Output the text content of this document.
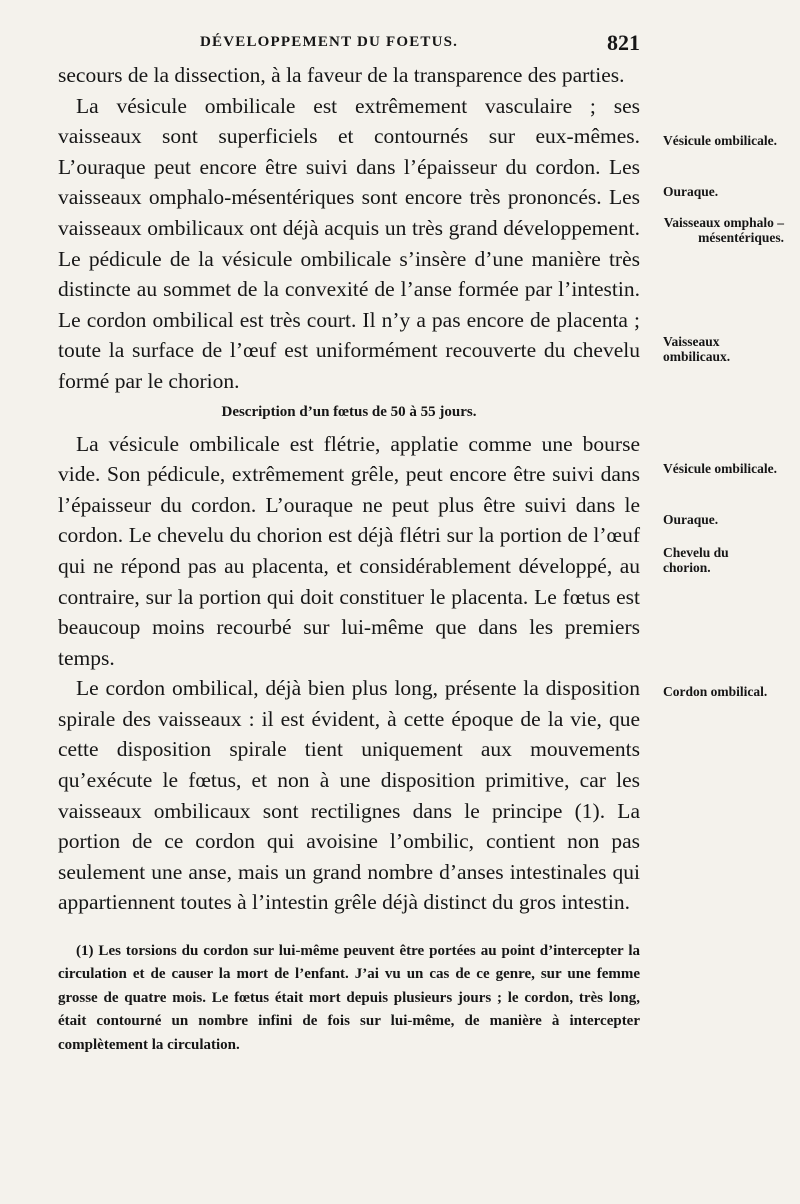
DÉVELOPPEMENT DU FOETUS.	821

secours de la dissection, à la faveur de la transparence des parties.

La vésicule ombilicale est extrêmement vasculaire ; ses vaisseaux sont superficiels et contournés sur eux-mêmes. L’ouraque peut encore être suivi dans l’épaisseur du cordon. Les vaisseaux omphalo-mésentériques sont encore très prononcés. Les vaisseaux ombilicaux ont déjà acquis un très grand développement. Le pédicule de la vésicule ombilicale s’insère d’une manière très distincte au sommet de la convexité de l’anse formée par l’intestin. Le cordon ombilical est très court. Il n’y a pas encore de placenta ; toute la surface de l’œuf est uniformément recouverte du chevelu formé par le chorion.

Description d’un fœtus de 50 à 55 jours.

La vésicule ombilicale est flétrie, applatie comme une bourse vide. Son pédicule, extrêmement grêle, peut encore être suivi dans l’épaisseur du cordon. L’ouraque ne peut plus être suivi dans le cordon. Le chevelu du chorion est déjà flétri sur la portion de l’œuf qui ne répond pas au placenta, et considérablement développé, au contraire, sur la portion qui doit constituer le placenta. Le fœtus est beaucoup moins recourbé sur lui-même que dans les premiers temps.

Le cordon ombilical, déjà bien plus long, présente la disposition spirale des vaisseaux : il est évident, à cette époque de la vie, que cette disposition spirale tient uniquement aux mouvements qu’exécute le fœtus, et non à une disposition primitive, car les vaisseaux ombilicaux sont rectilignes dans le principe (1). La portion de ce cordon qui avoisine l’ombilic, contient non pas seulement une anse, mais un grand nombre d’anses intestinales qui appartiennent toutes à l’intestin grêle déjà distinct du gros intestin.

(1) Les torsions du cordon sur lui-même peuvent être portées au point d’intercepter la circulation et de causer la mort de l’enfant. J’ai vu un cas de ce genre, sur une femme grosse de quatre mois. Le fœtus était mort depuis plusieurs jours ; le cordon, très long, était contourné un nombre infini de fois sur lui-même, de manière à intercepter complètement la circulation.

Vésicule ombilicale.
Ouraque.
Vaisseaux omphalo – mésentériques.
Vaisseaux ombilicaux.
Vésicule ombilicale.
Ouraque.
Chevelu du chorion.
Cordon ombilical.
